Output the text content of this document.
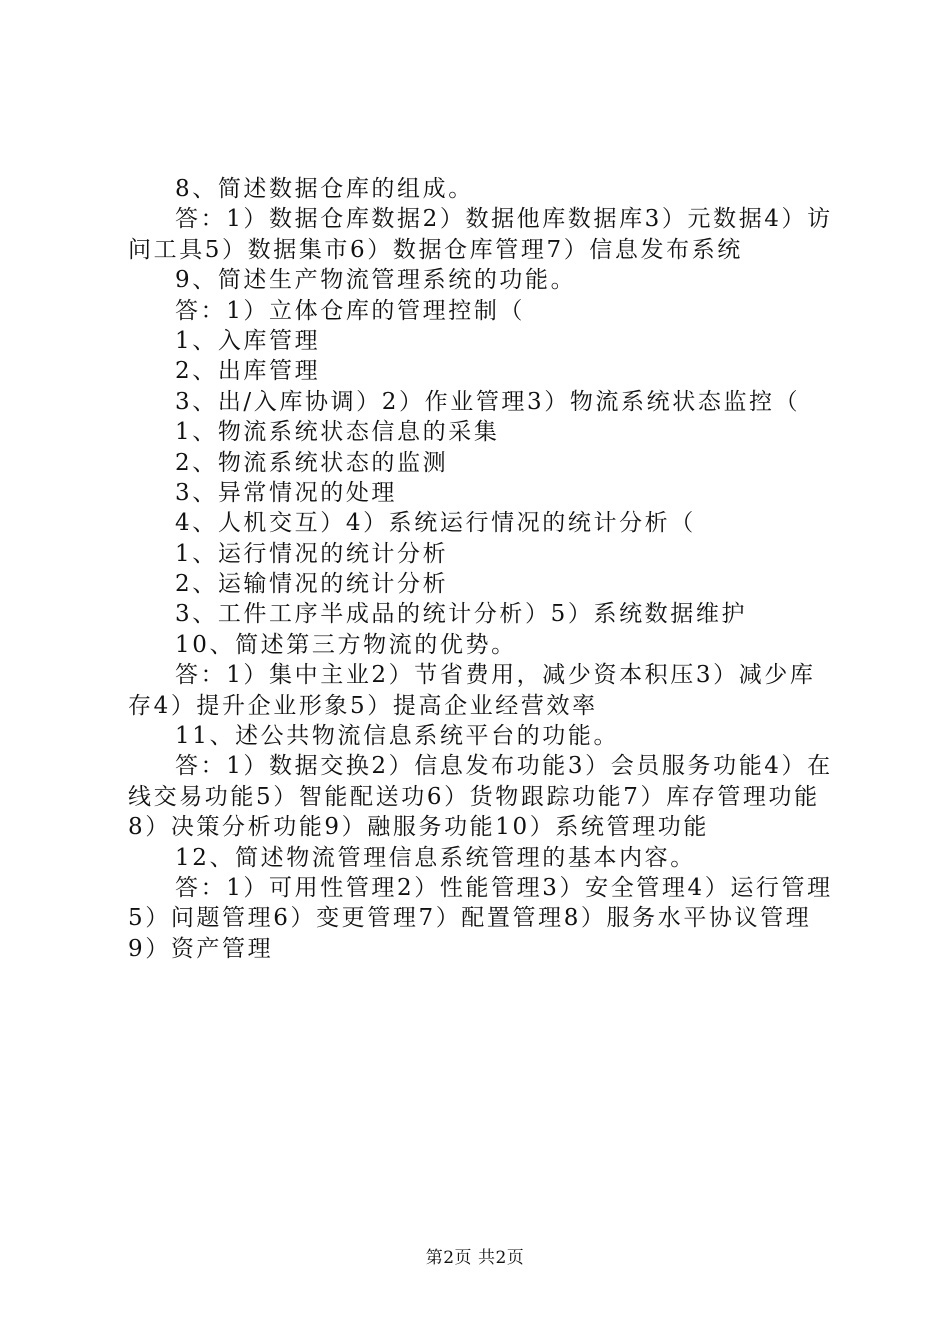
8、简述数据仓库的组成。
答：1）数据仓库数据2）数据他库数据库3）元数据4）访
问工具5）数据集市6）数据仓库管理7）信息发布系统
9、简述生产物流管理系统的功能。
答：1）立体仓库的管理控制（
1、入库管理
2、出库管理
3、出/入库协调）2）作业管理3）物流系统状态监控（
1、物流系统状态信息的采集
2、物流系统状态的监测
3、异常情况的处理
4、人机交互）4）系统运行情况的统计分析（
1、运行情况的统计分析
2、运输情况的统计分析
3、工件工序半成品的统计分析）5）系统数据维护
10、简述第三方物流的优势。
答：1）集中主业2）节省费用，减少资本积压3）减少库
存4）提升企业形象5）提高企业经营效率
11、述公共物流信息系统平台的功能。
答：1）数据交换2）信息发布功能3）会员服务功能4）在
线交易功能5）智能配送功6）货物跟踪功能7）库存管理功能
8）决策分析功能9）融服务功能10）系统管理功能
12、简述物流管理信息系统管理的基本内容。
答：1）可用性管理2）性能管理3）安全管理4）运行管理
5）问题管理6）变更管理7）配置管理8）服务水平协议管理
9）资产管理
第2页 共2页
